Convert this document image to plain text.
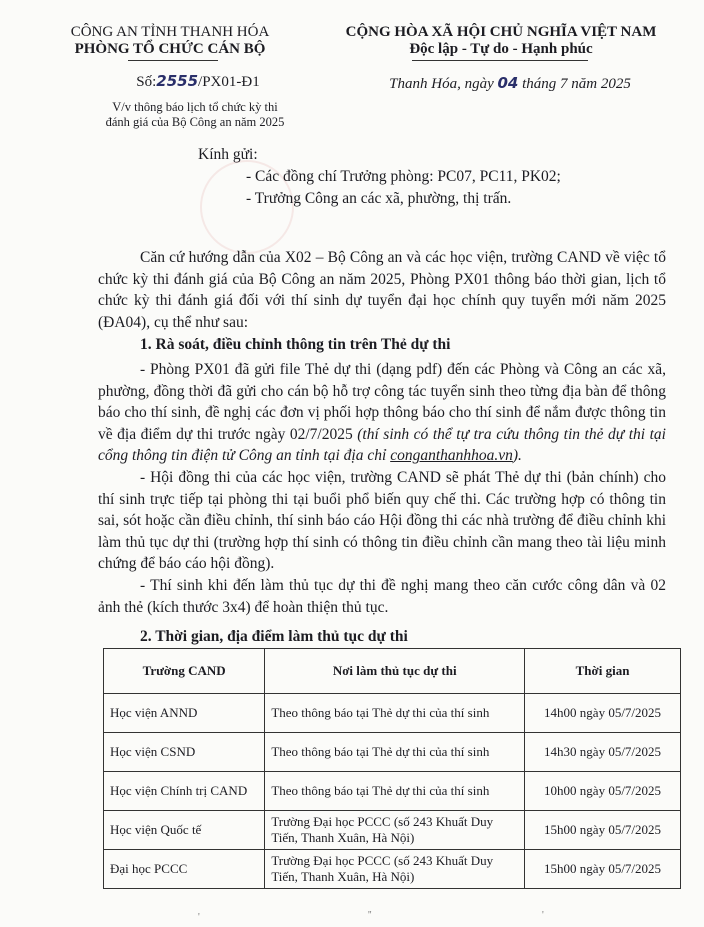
CÔNG AN TỈNH THANH HÓA
PHÒNG TỔ CHỨC CÁN BỘ
CỘNG HÒA XÃ HỘI CHỦ NGHĨA VIỆT NAM
Độc lập - Tự do - Hạnh phúc
Số:2555/PX01-Đ1	Thanh Hóa, ngày 04 tháng 7 năm 2025
V/v thông báo lịch tổ chức kỳ thi
đánh giá của Bộ Công an năm 2025
Kính gửi:
- Các đồng chí Trưởng phòng: PC07, PC11, PK02;
- Trưởng Công an các xã, phường, thị trấn.

Căn cứ hướng dẫn của X02 – Bộ Công an và các học viện, trường CAND về việc tổ chức kỳ thi đánh giá của Bộ Công an năm 2025, Phòng PX01 thông báo thời gian, lịch tổ chức kỳ thi đánh giá đối với thí sinh dự tuyển đại học chính quy tuyển mới năm 2025 (ĐA04), cụ thể như sau:

1. Rà soát, điều chỉnh thông tin trên Thẻ dự thi

- Phòng PX01 đã gửi file Thẻ dự thi (dạng pdf) đến các Phòng và Công an các xã, phường, đồng thời đã gửi cho cán bộ hỗ trợ công tác tuyển sinh theo từng địa bàn để thông báo cho thí sinh, đề nghị các đơn vị phối hợp thông báo cho thí sinh để nắm được thông tin về địa điểm dự thi trước ngày 02/7/2025 (thí sinh có thể tự tra cứu thông tin thẻ dự thi tại cổng thông tin điện tử Công an tỉnh tại địa chỉ conganthanhhoa.vn).

- Hội đồng thi của các học viện, trường CAND sẽ phát Thẻ dự thi (bản chính) cho thí sinh trực tiếp tại phòng thi tại buổi phổ biến quy chế thi. Các trường hợp có thông tin sai, sót hoặc cần điều chỉnh, thí sinh báo cáo Hội đồng thi các nhà trường để điều chỉnh khi làm thủ tục dự thi (trường hợp thí sinh có thông tin điều chỉnh cần mang theo tài liệu minh chứng để báo cáo hội đồng).

- Thí sinh khi đến làm thủ tục dự thi đề nghị mang theo căn cước công dân và 02 ảnh thẻ (kích thước 3x4) để hoàn thiện thủ tục.

2. Thời gian, địa điểm làm thủ tục dự thi
Trường CAND	Nơi làm thủ tục dự thi	Thời gian
Học viện ANND	Theo thông báo tại Thẻ dự thi của thí sinh	14h00 ngày 05/7/2025
Học viện CSND	Theo thông báo tại Thẻ dự thi của thí sinh	14h30 ngày 05/7/2025
Học viện Chính trị CAND	Theo thông báo tại Thẻ dự thi của thí sinh	10h00 ngày 05/7/2025
Học viện Quốc tế	Trường Đại học PCCC (số 243 Khuất Duy Tiến, Thanh Xuân, Hà Nội)	15h00 ngày 05/7/2025
Đại học PCCC	Trường Đại học PCCC (số 243 Khuất Duy Tiến, Thanh Xuân, Hà Nội)	15h00 ngày 05/7/2025
'	''	'
